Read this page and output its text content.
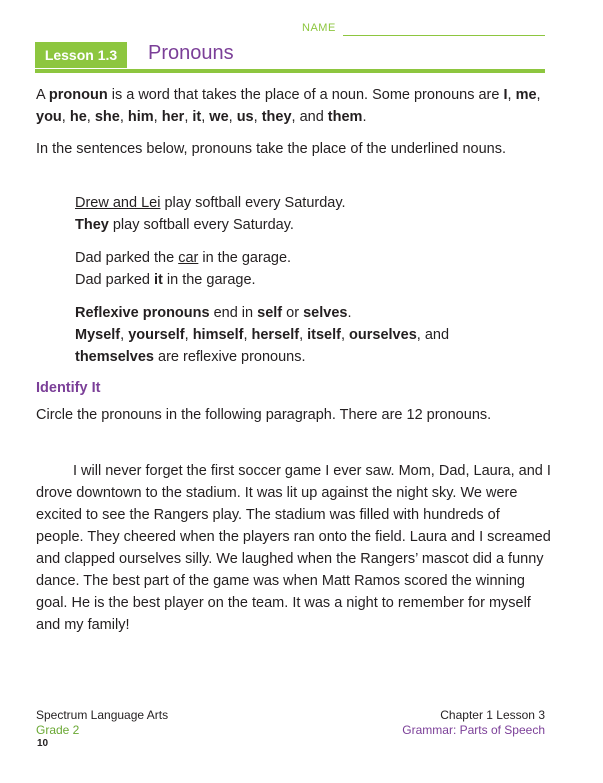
NAME
Lesson 1.3	Pronouns
A pronoun is a word that takes the place of a noun. Some pronouns are I, me, you, he, she, him, her, it, we, us, they, and them.
In the sentences below, pronouns take the place of the underlined nouns.
Drew and Lei play softball every Saturday.
They play softball every Saturday.
Dad parked the car in the garage.
Dad parked it in the garage.
Reflexive pronouns end in self or selves.
Myself, yourself, himself, herself, itself, ourselves, and
themselves are reflexive pronouns.
Identify It
Circle the pronouns in the following paragraph. There are 12 pronouns.
I will never forget the first soccer game I ever saw. Mom, Dad, Laura, and I drove downtown to the stadium. It was lit up against the night sky. We were excited to see the Rangers play. The stadium was filled with hundreds of people. They cheered when the players ran onto the field. Laura and I screamed and clapped ourselves silly. We laughed when the Rangers’ mascot did a funny dance. The best part of the game was when Matt Ramos scored the winning goal. He is the best player on the team. It was a night to remember for myself and my family!
Spectrum Language Arts
Grade 2
10
Chapter 1 Lesson 3
Grammar: Parts of Speech
